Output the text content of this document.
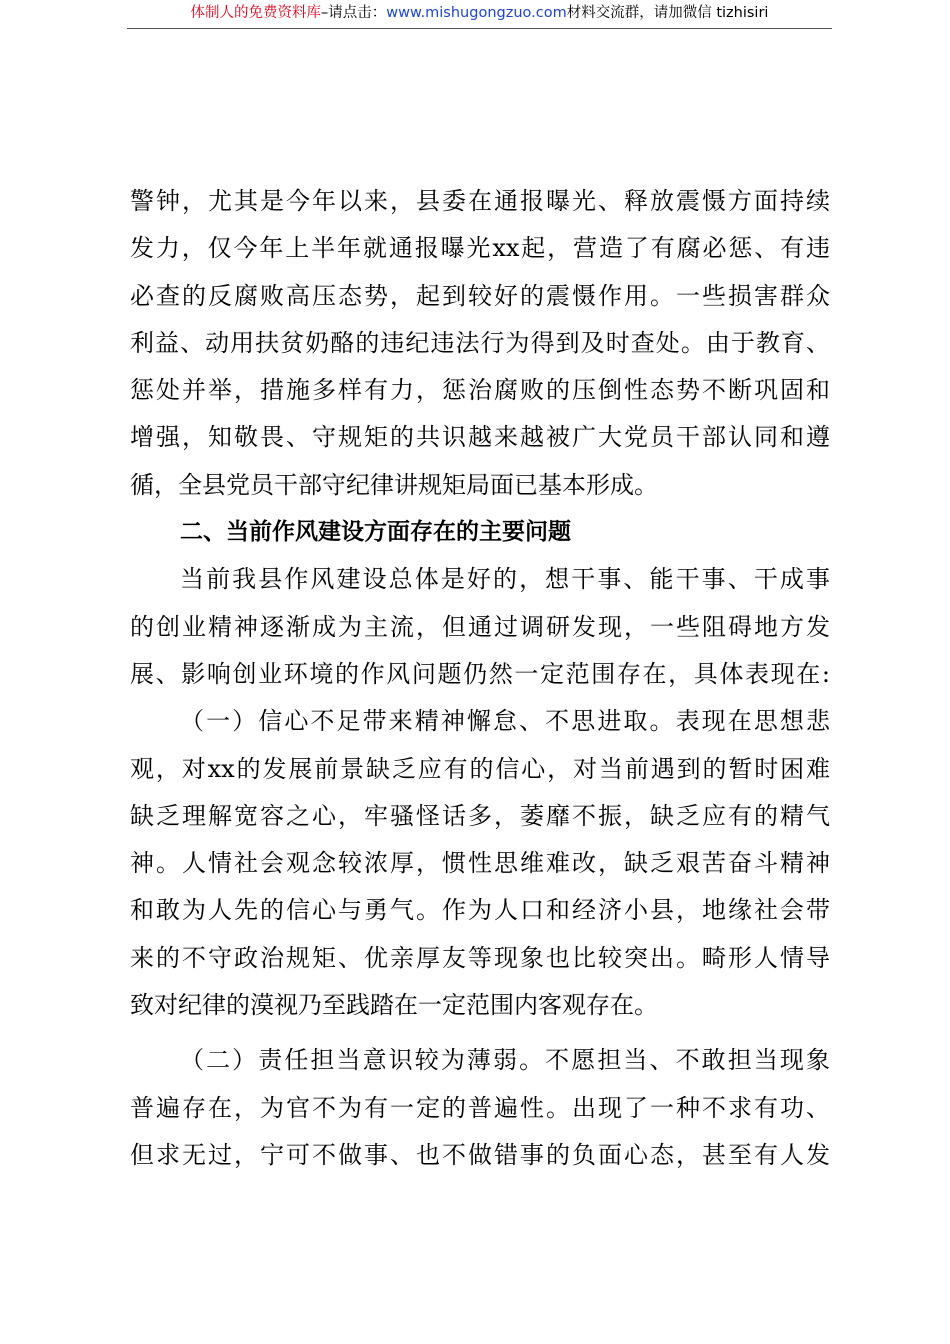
体制人的免费资料库–请点击：www.mishugongzuo.com材料交流群，请加微信 tizhisiri
警钟，尤其是今年以来，县委在通报曝光、释放震慑方面持续
发力，仅今年上半年就通报曝光xx起，营造了有腐必惩、有违
必查的反腐败高压态势，起到较好的震慑作用。一些损害群众
利益、动用扶贫奶酪的违纪违法行为得到及时查处。由于教育、
惩处并举，措施多样有力，惩治腐败的压倒性态势不断巩固和
增强，知敬畏、守规矩的共识越来越被广大党员干部认同和遵
循，全县党员干部守纪律讲规矩局面已基本形成。
二、当前作风建设方面存在的主要问题
当前我县作风建设总体是好的，想干事、能干事、干成事
的创业精神逐渐成为主流，但通过调研发现，一些阻碍地方发
展、影响创业环境的作风问题仍然一定范围存在，具体表现在:
（一）信心不足带来精神懈怠、不思进取。表现在思想悲
观，对xx的发展前景缺乏应有的信心，对当前遇到的暂时困难
缺乏理解宽容之心，牢骚怪话多，萎靡不振，缺乏应有的精气
神。人情社会观念较浓厚，惯性思维难改，缺乏艰苦奋斗精神
和敢为人先的信心与勇气。作为人口和经济小县，地缘社会带
来的不守政治规矩、优亲厚友等现象也比较突出。畸形人情导
致对纪律的漠视乃至践踏在一定范围内客观存在。
（二）责任担当意识较为薄弱。不愿担当、不敢担当现象
普遍存在，为官不为有一定的普遍性。出现了一种不求有功、
但求无过，宁可不做事、也不做错事的负面心态，甚至有人发
